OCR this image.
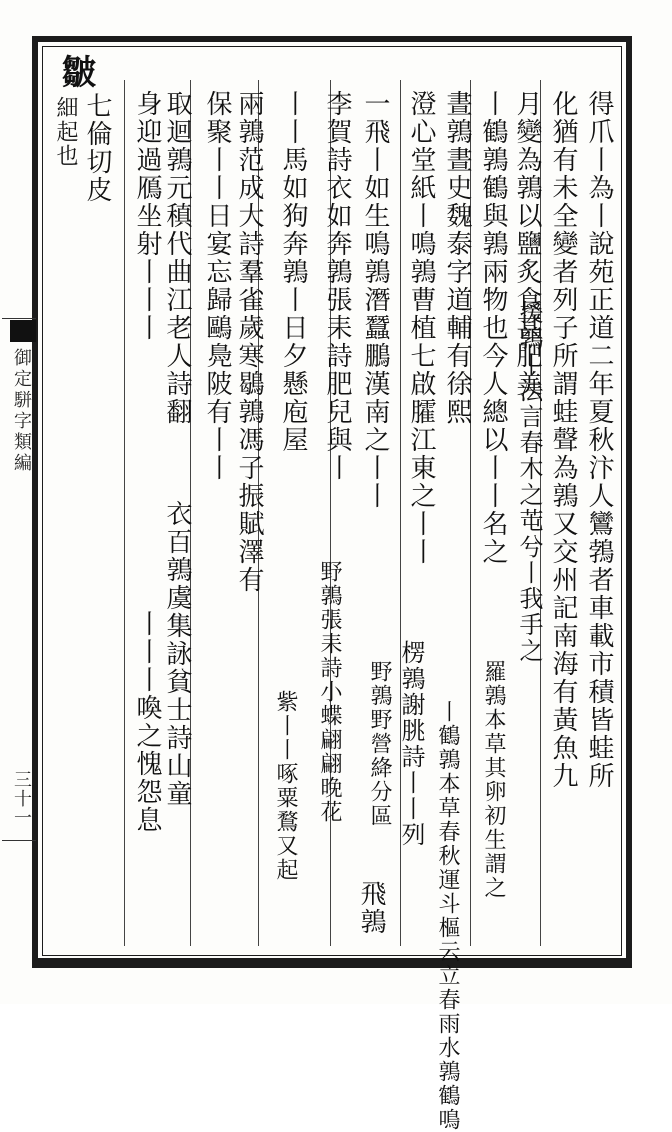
皺
七倫切皮
細起也	得爪丨為丨說苑正道二年夏秋汴人鸞鵓者車載市積皆蛙所
化猶有未全變者列子所謂蛙聲為鶉又交州記南海有黃魚九
月變為鶉以鹽炙食甚肥美
援鶉丨法言春木之芚兮丨我手之
丨鶴鶉鶴與鶉兩物也今人總以丨丨名之
羅鶉本草其卵初生謂之
晝鶉晝史魏泰字道輔有徐熙
丨鶴鶉本草春秋運斗樞云立春雨水鶉鶴鳴
澄心堂紙丨鳴鶉曹植七啟臛江東之丨丨
楞鶉謝朓詩丨丨列
飛鶉
一飛丨如生鳴鶉潛蠶鵬漢南之丨丨
野鶉野營絳分區
李賀詩衣如奔鶉張耒詩肥兒與丨
野鶉張耒詩小蝶翩翩晚花
丨丨馬如狗奔鶉丨日夕懸庖屋
紫丨丨啄粟鶩又起
兩鶉范成大詩羣雀歲寒鶡鶉馮子振賦澤有
保聚丨丨日宴忘歸鷗鳧陂有丨丨
取迴鶉元稹代曲江老人詩翻
身迎過鴈坐射丨丨丨
衣百鶉虞集詠貧士詩山童
丨丨丨喚之愧怨息
御定駢字類編
三十一
